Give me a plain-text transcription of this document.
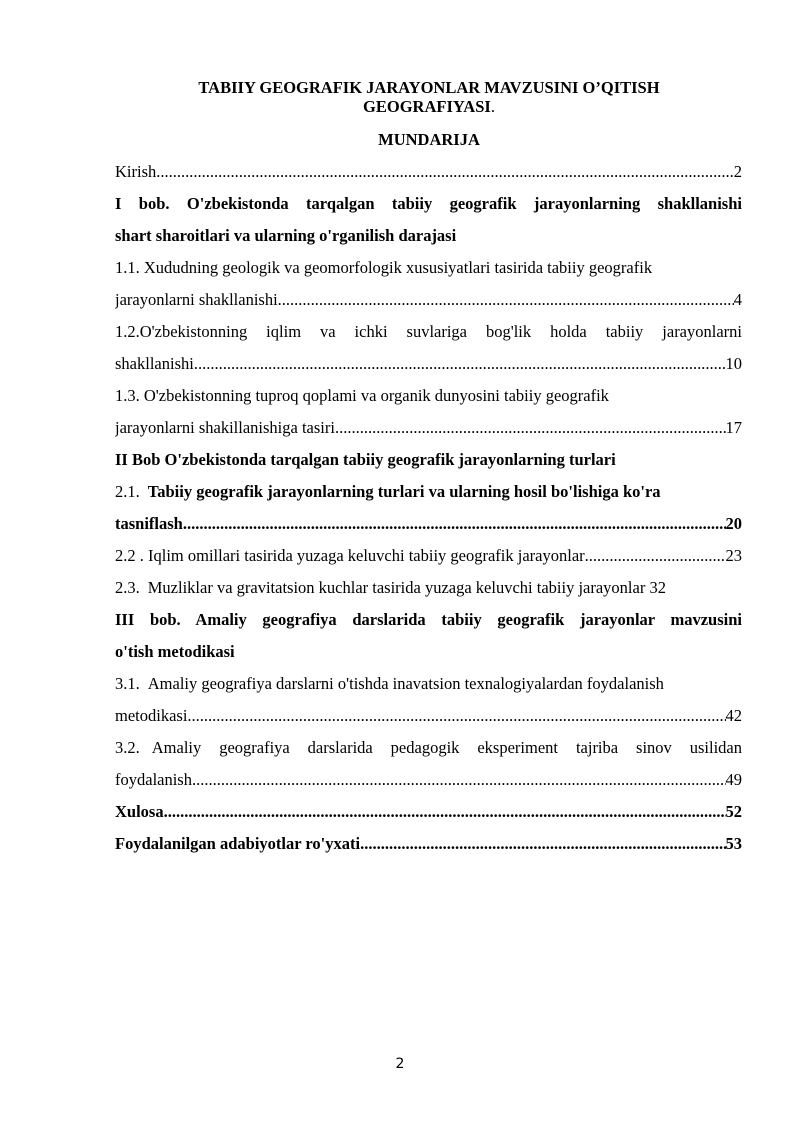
TABIIY GEOGRAFIK JARAYONLAR MAVZUSINI O’QITISH
GEOGRAFIYASI.
MUNDARIJA
Kirish .....	2
I bob. O'zbekistonda tarqalgan tabiiy geografik jarayonlarning shakllanishi
shart sharoitlari va ularning o'rganilish darajasi
1.1. Xududning geologik va geomorfologik xususiyatlari tasirida tabiiy geografik
jarayonlarni shakllanishi .....	4
1.2.O'zbekistonning iqlim va ichki suvlariga bog'lik holda tabiiy jarayonlarni
shakllanishi .....	10
1.3. O'zbekistonning tuproq qoplami va organik dunyosini tabiiy geografik
jarayonlarni shakillanishiga tasiri .....	17
II Bob O'zbekistonda tarqalgan tabiiy geografik jarayonlarning turlari
2.1. Tabiiy geografik jarayonlarning turlari va ularning hosil bo'lishiga ko'ra
tasniflash .....	20
2.2 . Iqlim omillari tasirida yuzaga keluvchi tabiiy geografik jarayonlar .....	23
2.3. Muzliklar va gravitatsion kuchlar tasirida yuzaga keluvchi tabiiy jarayonlar 32
III bob. Amaliy geografiya darslarida tabiiy geografik jarayonlar mavzusini
o'tish metodikasi
3.1. Amaliy geografiya darslarni o'tishda inavatsion texnalogiyalardan foydalanish
metodikasi .....	42
3.2. Amaliy geografiya darslarida pedagogik eksperiment tajriba sinov usilidan
foydalanish .....	49
Xulosa .....	52
Foydalanilgan adabiyotlar ro'yxati .....	53
2
